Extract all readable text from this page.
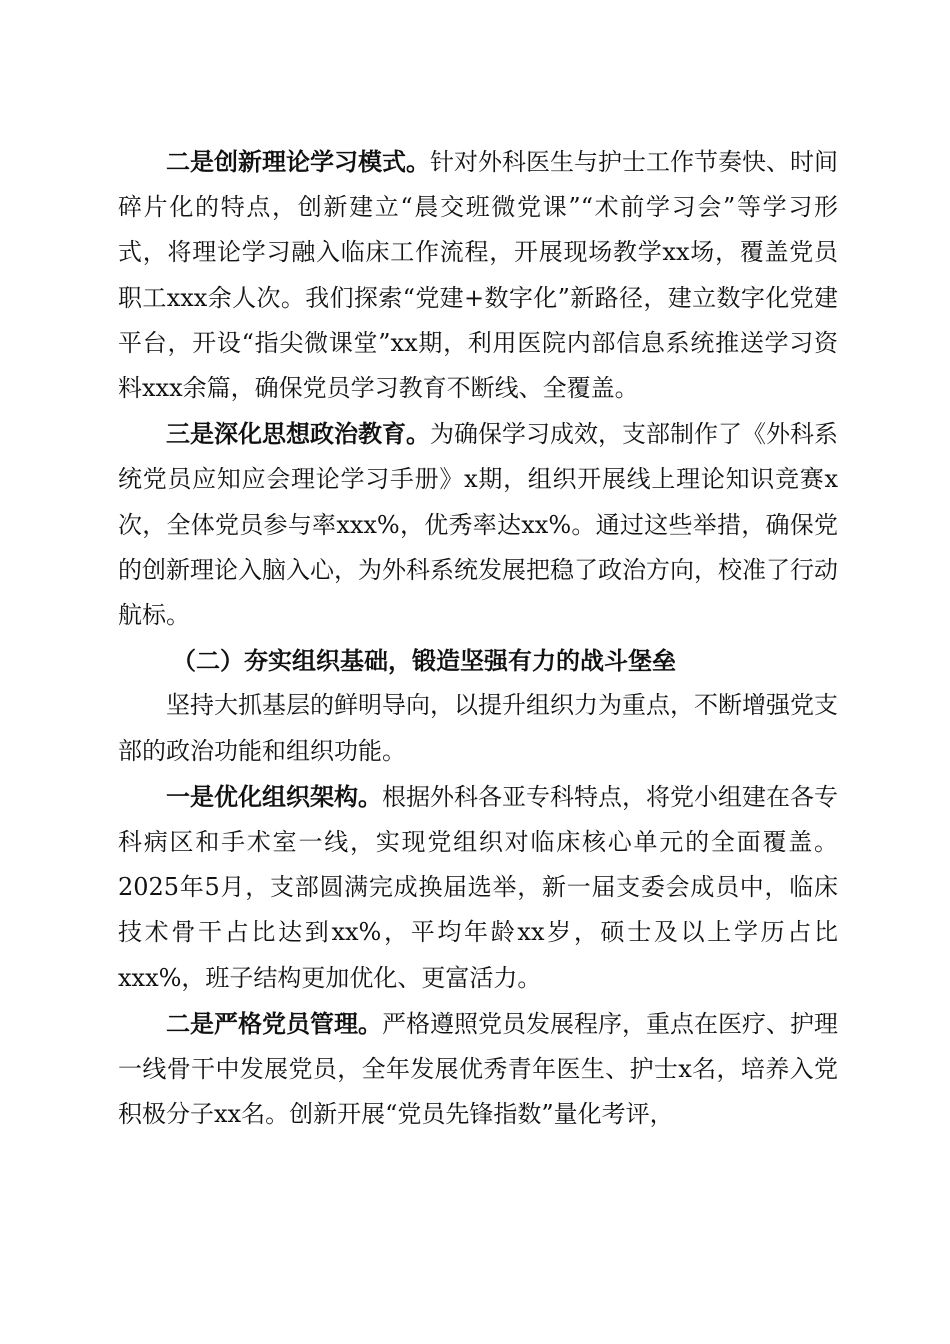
二是创新理论学习模式。针对外科医生与护士工作节奏快、时间碎片化的特点，创新建立“晨交班微党课”“术前学习会”等学习形式，将理论学习融入临床工作流程，开展现场教学xx场，覆盖党员职工xxx余人次。我们探索“党建+数字化”新路径，建立数字化党建平台，开设“指尖微课堂”xx期，利用医院内部信息系统推送学习资料xxx余篇，确保党员学习教育不断线、全覆盖。

三是深化思想政治教育。为确保学习成效，支部制作了《外科系统党员应知应会理论学习手册》x期，组织开展线上理论知识竞赛x次，全体党员参与率xxx%，优秀率达xx%。通过这些举措，确保党的创新理论入脑入心，为外科系统发展把稳了政治方向，校准了行动航标。

（二）夯实组织基础，锻造坚强有力的战斗堡垒

坚持大抓基层的鲜明导向，以提升组织力为重点，不断增强党支部的政治功能和组织功能。

一是优化组织架构。根据外科各亚专科特点，将党小组建在各专科病区和手术室一线，实现党组织对临床核心单元的全面覆盖。2025年5月，支部圆满完成换届选举，新一届支委会成员中，临床技术骨干占比达到xx%，平均年龄xx岁，硕士及以上学历占比xxx%，班子结构更加优化、更富活力。

二是严格党员管理。严格遵照党员发展程序，重点在医疗、护理一线骨干中发展党员，全年发展优秀青年医生、护士x名，培养入党积极分子xx名。创新开展“党员先锋指数”量化考评，
